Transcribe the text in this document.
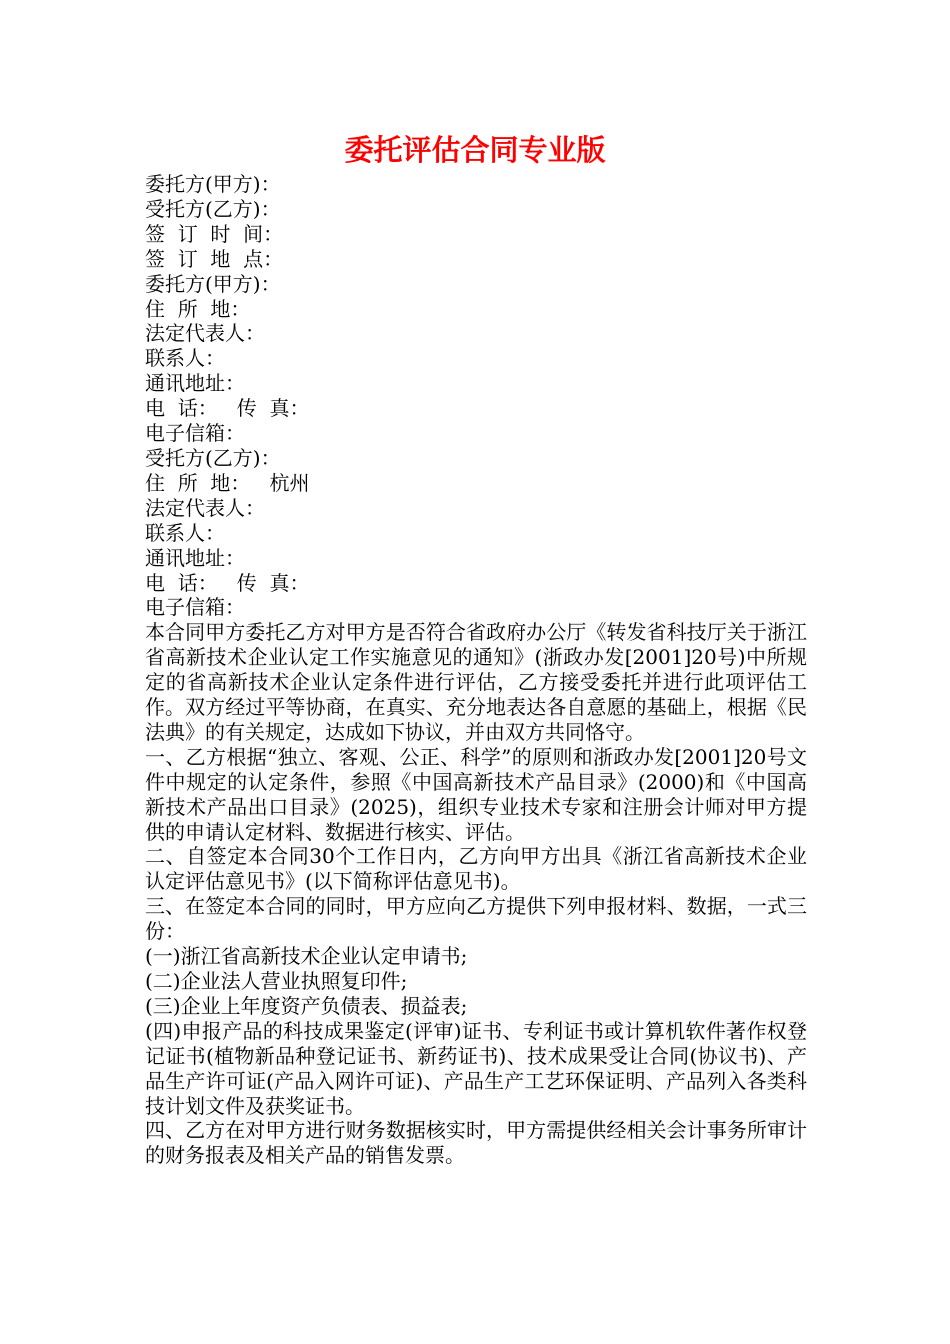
委托评估合同专业版
委托方(甲方)：
受托方(乙方)：
签  订  时  间：
签  订  地  点：
委托方(甲方)：
住  所  地：
法定代表人：
联系人：
通讯地址：
电  话：   传  真：
电子信箱：
受托方(乙方)：
住  所  地：   杭州
法定代表人：
联系人：
通讯地址：
电  话：   传  真：
电子信箱：

本合同甲方委托乙方对甲方是否符合省政府办公厅《转发省科技厅关于浙江省高新技术企业认定工作实施意见的通知》(浙政办发[2001]20号)中所规定的省高新技术企业认定条件进行评估，乙方接受委托并进行此项评估工作。双方经过平等协商，在真实、充分地表达各自意愿的基础上，根据《民法典》的有关规定，达成如下协议，并由双方共同恪守。

一、乙方根据“独立、客观、公正、科学”的原则和浙政办发[2001]20号文件中规定的认定条件，参照《中国高新技术产品目录》(2000)和《中国高新技术产品出口目录》(2025)，组织专业技术专家和注册会计师对甲方提供的申请认定材料、数据进行核实、评估。

二、自签定本合同30个工作日内，乙方向甲方出具《浙江省高新技术企业认定评估意见书》(以下简称评估意见书)。

三、在签定本合同的同时，甲方应向乙方提供下列申报材料、数据，一式三份：

(一)浙江省高新技术企业认定申请书;

(二)企业法人营业执照复印件;

(三)企业上年度资产负债表、损益表;

(四)申报产品的科技成果鉴定(评审)证书、专利证书或计算机软件著作权登记证书(植物新品种登记证书、新药证书)、技术成果受让合同(协议书)、产品生产许可证(产品入网许可证)、产品生产工艺环保证明、产品列入各类科技计划文件及获奖证书。

四、乙方在对甲方进行财务数据核实时，甲方需提供经相关会计事务所审计的财务报表及相关产品的销售发票。
